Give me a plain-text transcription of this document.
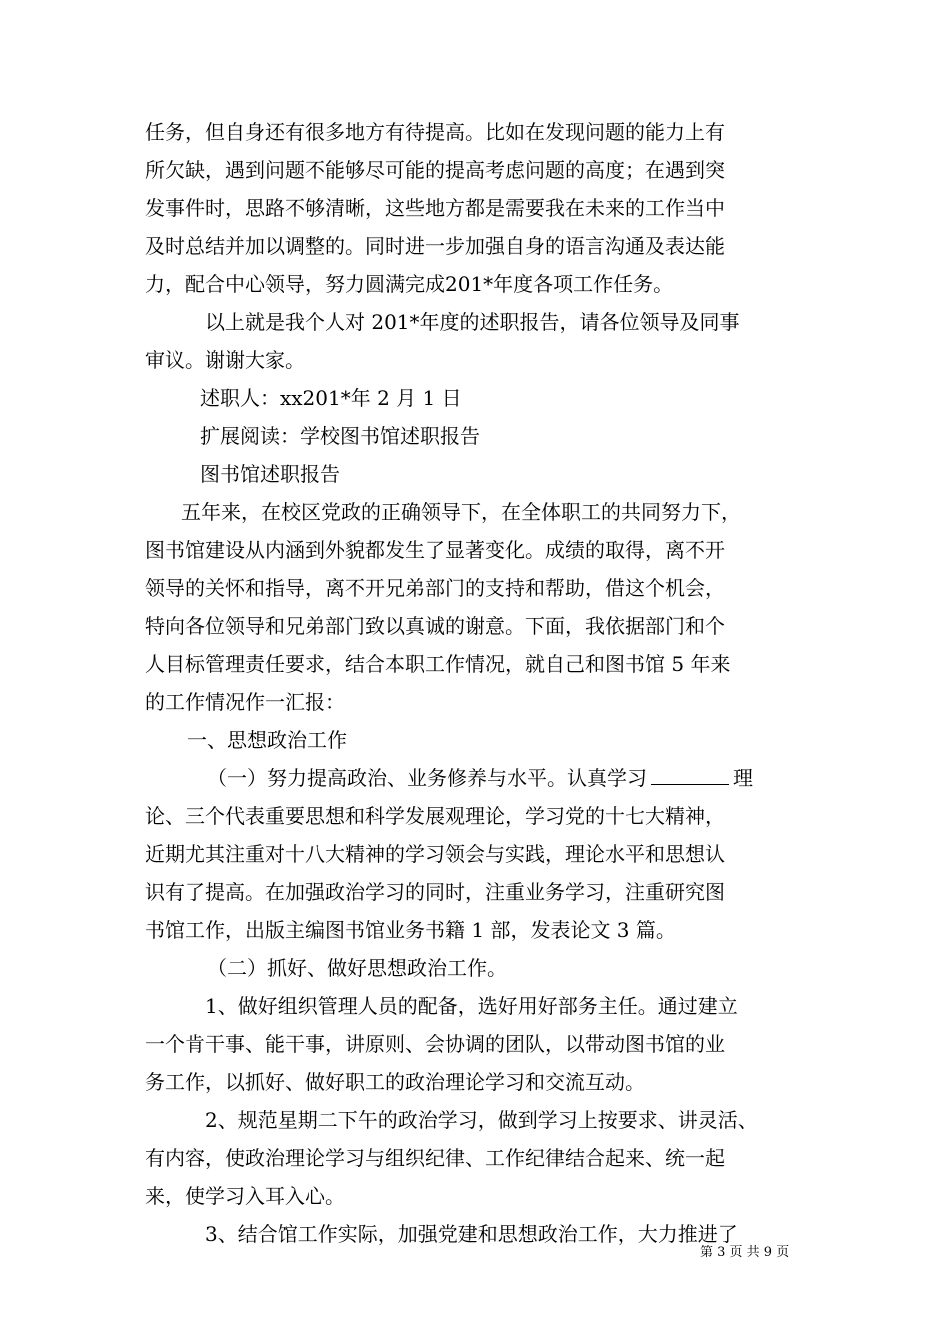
任务，但自身还有很多地方有待提高。比如在发现问题的能力上有
所欠缺，遇到问题不能够尽可能的提高考虑问题的高度；在遇到突
发事件时，思路不够清晰，这些地方都是需要我在未来的工作当中
及时总结并加以调整的。同时进一步加强自身的语言沟通及表达能
力，配合中心领导，努力圆满完成201*年度各项工作任务。
以上就是我个人对 201*年度的述职报告，请各位领导及同事
审议。谢谢大家。
述职人：xx201*年 2 月 1 日
扩展阅读：学校图书馆述职报告
图书馆述职报告
五年来，在校区党政的正确领导下，在全体职工的共同努力下，
图书馆建设从内涵到外貌都发生了显著变化。成绩的取得，离不开
领导的关怀和指导，离不开兄弟部门的支持和帮助，借这个机会，
特向各位领导和兄弟部门致以真诚的谢意。下面，我依据部门和个
人目标管理责任要求，结合本职工作情况，就自己和图书馆 5 年来
的工作情况作一汇报：
一、思想政治工作
（一）努力提高政治、业务修养与水平。认真学习	理
论、三个代表重要思想和科学发展观理论，学习党的十七大精神，
近期尤其注重对十八大精神的学习领会与实践，理论水平和思想认
识有了提高。在加强政治学习的同时，注重业务学习，注重研究图
书馆工作，出版主编图书馆业务书籍 1 部，发表论文 3 篇。
（二）抓好、做好思想政治工作。
1、做好组织管理人员的配备，选好用好部务主任。通过建立
一个肯干事、能干事，讲原则、会协调的团队，以带动图书馆的业
务工作，以抓好、做好职工的政治理论学习和交流互动。
2、规范星期二下午的政治学习，做到学习上按要求、讲灵活、
有内容，使政治理论学习与组织纪律、工作纪律结合起来、统一起
来，使学习入耳入心。
3、结合馆工作实际，加强党建和思想政治工作，大力推进了
第 3 页 共 9 页
